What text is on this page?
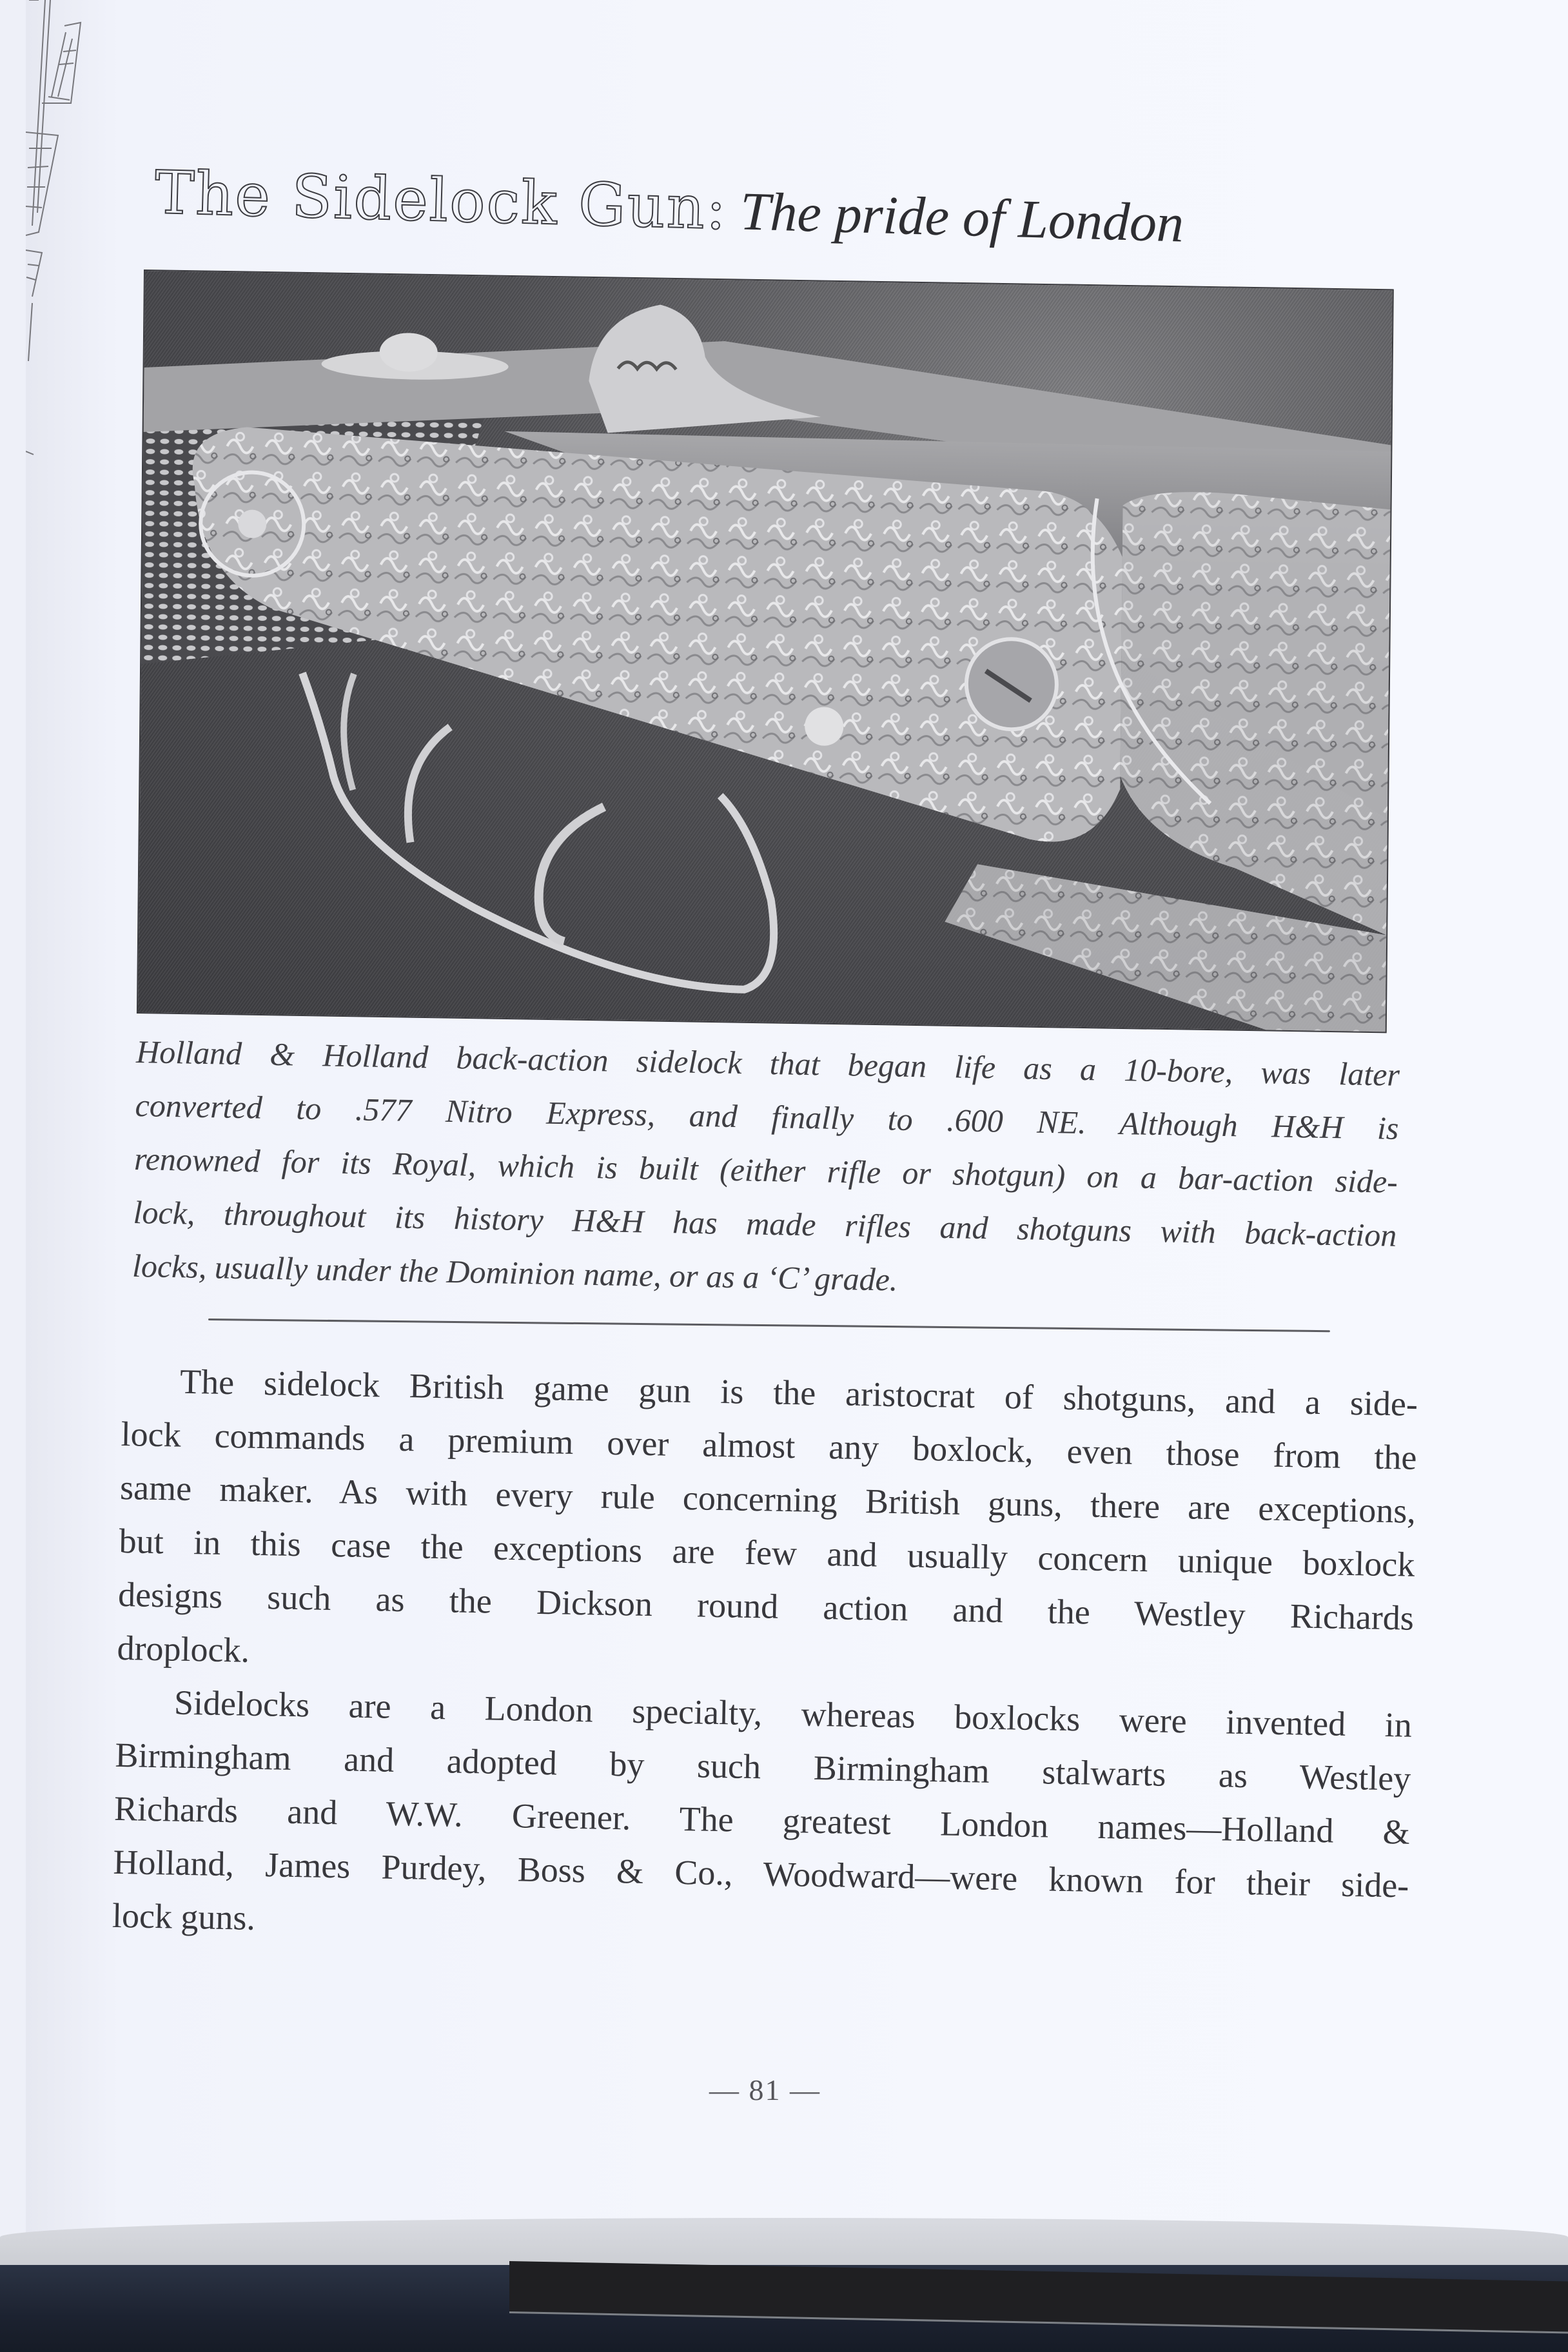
The Sidelock Gun: The pride of London
Holland & Holland back-action sidelock that began life as a 10-bore, was later
converted to .577 Nitro Express, and finally to .600 NE. Although H&H is
renowned for its Royal, which is built (either rifle or shotgun) on a bar-action side-
lock, throughout its history H&H has made rifles and shotguns with back-action
locks, usually under the Dominion name, or as a ‘C’ grade.
The sidelock British game gun is the aristocrat of shotguns, and a side-
lock commands a premium over almost any boxlock, even those from the
same maker. As with every rule concerning British guns, there are exceptions,
but in this case the exceptions are few and usually concern unique boxlock
designs such as the Dickson round action and the Westley Richards
droplock.
Sidelocks are a London specialty, whereas boxlocks were invented in
Birmingham and adopted by such Birmingham stalwarts as Westley
Richards and W.W. Greener. The greatest London names—Holland &
Holland, James Purdey, Boss & Co., Woodward—were known for their side-
lock guns.
— 81 —
